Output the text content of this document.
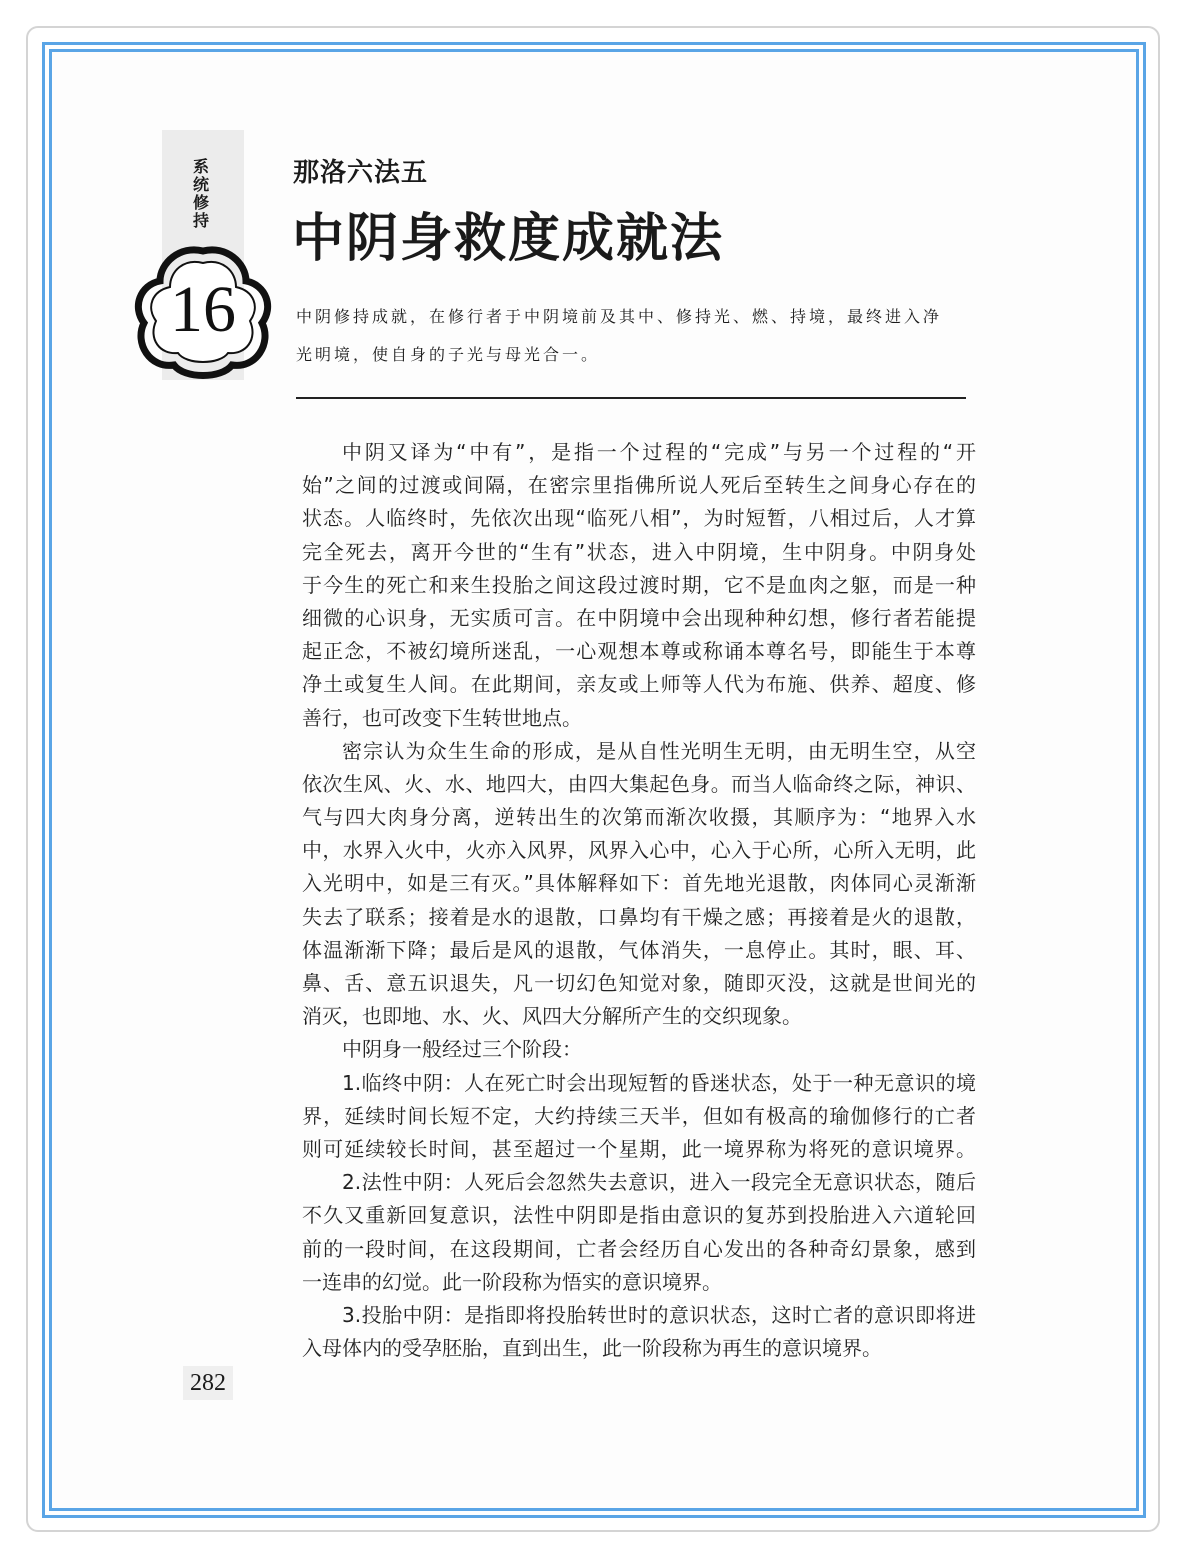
系统修持
16
那洛六法五
中阴身救度成就法
中阴修持成就，在修行者于中阴境前及其中、修持光、燃、持境，最终进入净
光明境，使自身的子光与母光合一。
中阴又译为“中有”，是指一个过程的“完成”与另一个过程的“开
始”之间的过渡或间隔，在密宗里指佛所说人死后至转生之间身心存在的
状态。人临终时，先依次出现“临死八相”，为时短暂，八相过后，人才算
完全死去，离开今世的“生有”状态，进入中阴境，生中阴身。中阴身处
于今生的死亡和来生投胎之间这段过渡时期，它不是血肉之躯，而是一种
细微的心识身，无实质可言。在中阴境中会出现种种幻想，修行者若能提
起正念，不被幻境所迷乱，一心观想本尊或称诵本尊名号，即能生于本尊
净土或复生人间。在此期间，亲友或上师等人代为布施、供养、超度、修
善行，也可改变下生转世地点。
密宗认为众生生命的形成，是从自性光明生无明，由无明生空，从空
依次生风、火、水、地四大，由四大集起色身。而当人临命终之际，神识、
气与四大肉身分离，逆转出生的次第而渐次收摄，其顺序为：“地界入水
中，水界入火中，火亦入风界，风界入心中，心入于心所，心所入无明，此
入光明中，如是三有灭。”具体解释如下：首先地光退散，肉体同心灵渐渐
失去了联系；接着是水的退散，口鼻均有干燥之感；再接着是火的退散，
体温渐渐下降；最后是风的退散，气体消失，一息停止。其时，眼、耳、
鼻、舌、意五识退失，凡一切幻色知觉对象，随即灭没，这就是世间光的
消灭，也即地、水、火、风四大分解所产生的交织现象。
中阴身一般经过三个阶段：
1.临终中阴：人在死亡时会出现短暂的昏迷状态，处于一种无意识的境
界，延续时间长短不定，大约持续三天半，但如有极高的瑜伽修行的亡者
则可延续较长时间，甚至超过一个星期，此一境界称为将死的意识境界。
2.法性中阴：人死后会忽然失去意识，进入一段完全无意识状态，随后
不久又重新回复意识，法性中阴即是指由意识的复苏到投胎进入六道轮回
前的一段时间，在这段期间，亡者会经历自心发出的各种奇幻景象，感到
一连串的幻觉。此一阶段称为悟实的意识境界。
3.投胎中阴：是指即将投胎转世时的意识状态，这时亡者的意识即将进
入母体内的受孕胚胎，直到出生，此一阶段称为再生的意识境界。
282
